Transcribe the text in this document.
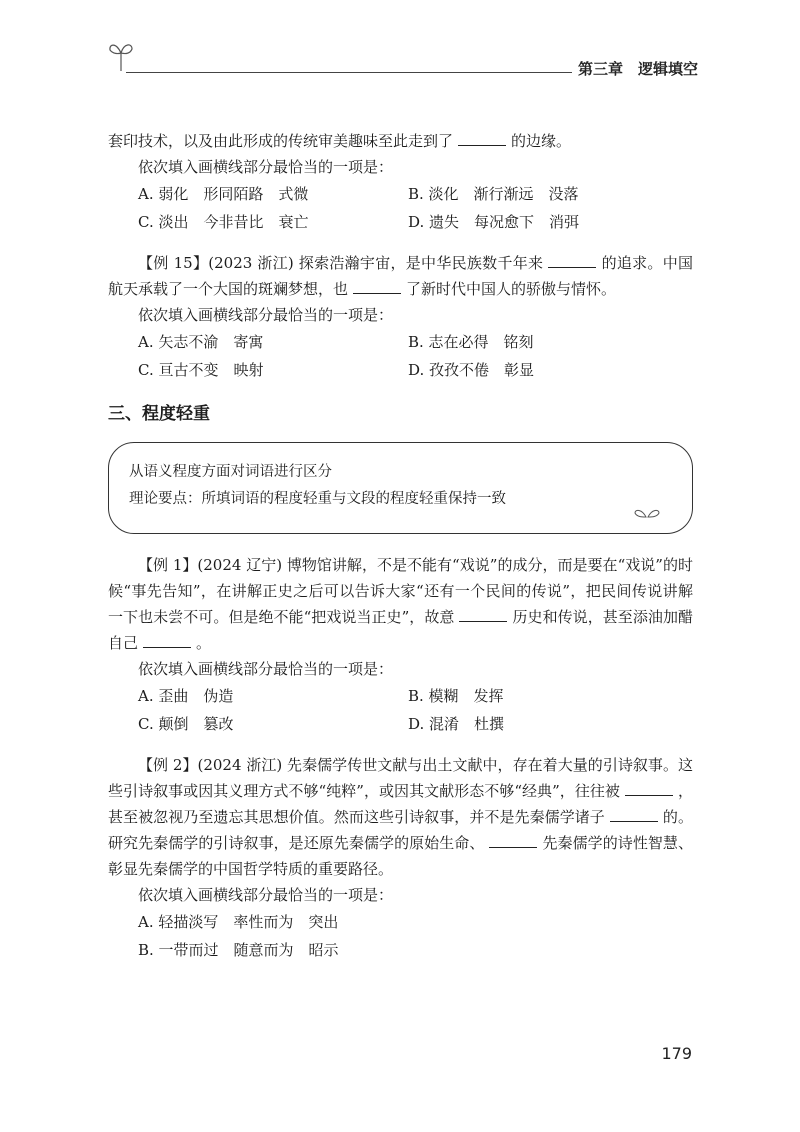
第三章　逻辑填空

套印技术，以及由此形成的传统审美趣味至此走到了	的边缘。

依次填入画横线部分最恰当的一项是：

A. 弱化　形同陌路　式微	B. 淡化　渐行渐远　没落
C. 淡出　今非昔比　衰亡	D. 遗失　每况愈下　消弭

【例 15】(2023 浙江) 探索浩瀚宇宙，是中华民族数千年来	的追求。中国航天承载了一个大国的斑斓梦想，也	了新时代中国人的骄傲与情怀。

依次填入画横线部分最恰当的一项是：

A. 矢志不渝　寄寓	B. 志在必得　铭刻
C. 亘古不变　映射	D. 孜孜不倦　彰显
三、程度轻重
从语义程度方面对词语进行区分
理论要点：所填词语的程度轻重与文段的程度轻重保持一致

【例 1】(2024 辽宁) 博物馆讲解，不是不能有“戏说”的成分，而是要在“戏说”的时候“事先告知”，在讲解正史之后可以告诉大家“还有一个民间的传说”，把民间传说讲解一下也未尝不可。但是绝不能“把戏说当正史”，故意	历史和传说，甚至添油加醋自己	。

依次填入画横线部分最恰当的一项是：

A. 歪曲　伪造	B. 模糊　发挥
C. 颠倒　篡改	D. 混淆　杜撰

【例 2】(2024 浙江) 先秦儒学传世文献与出土文献中，存在着大量的引诗叙事。这些引诗叙事或因其义理方式不够“纯粹”，或因其文献形态不够“经典”，往往被	，甚至被忽视乃至遗忘其思想价值。然而这些引诗叙事，并不是先秦儒学诸子	的。研究先秦儒学的引诗叙事，是还原先秦儒学的原始生命、	先秦儒学的诗性智慧、彰显先秦儒学的中国哲学特质的重要路径。

依次填入画横线部分最恰当的一项是：

A. 轻描淡写　率性而为　突出
B. 一带而过　随意而为　昭示
179
